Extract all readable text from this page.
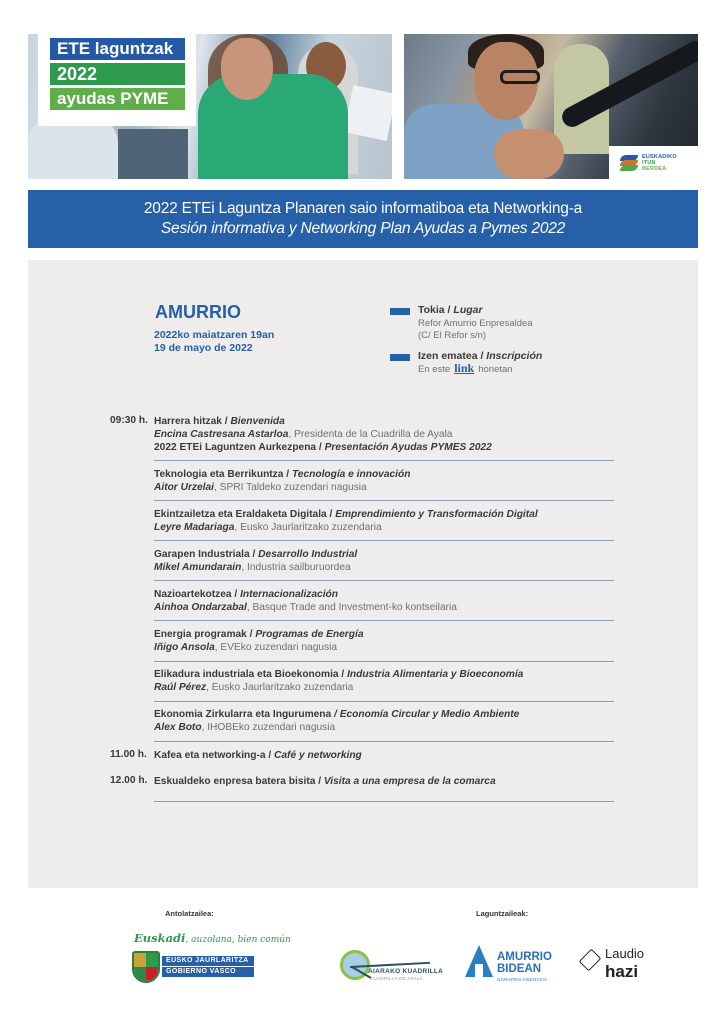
ETE laguntzak
2022
ayudas PYME
EUSKADIKO
ITUN
BERDEA
2022 ETEi Laguntza Planaren saio informatiboa eta Networking-a
Sesión informativa y Networking Plan Ayudas a Pymes 2022
AMURRIO
2022ko maiatzaren 19an
19 de mayo de 2022
Tokia / Lugar
Refor Amurrio Enpresaldea
(C/ El Refor s/n)
Izen ematea / Inscripción
En este link honetan
09:30 h. Harrera hitzak / Bienvenida
Encina Castresana Astarloa, Presidenta de la Cuadrilla de Ayala
2022 ETEi Laguntzen Aurkezpena / Presentación Ayudas PYMES 2022
Teknologia eta Berrikuntza / Tecnología e innovación
Aitor Urzelai, SPRI Taldeko zuzendari nagusia
Ekintzailetza eta Eraldaketa Digitala / Emprendimiento y Transformación Digital
Leyre Madariaga, Eusko Jaurlaritzako zuzendaria
Garapen Industriala / Desarrollo Industrial
Mikel Amundarain, Industria sailburuordea
Nazioartekotzea / Internacionalización
Ainhoa Ondarzabal, Basque Trade and Investment-ko kontseilaria
Energia programak / Programas de Energía
Iñigo Ansola, EVEko zuzendari nagusia
Elikadura industriala eta Bioekonomia / Industria Alimentaria y Bioeconomía
Raúl Pérez, Eusko Jaurlaritzako zuzendaria
Ekonomia Zirkularra eta Ingurumena / Economía Circular y Medio Ambiente
Alex Boto, IHOBEko zuzendari nagusia
11.00 h. Kafea eta networking-a / Café y networking
12.00 h. Eskualdeko enpresa batera bisita / Visita a una empresa de la comarca
Antolatzailea:	Laguntzaileak:
Euskadi, auzolana, bien común
EUSKO JAURLARITZA
GOBIERNO VASCO	AIARAKO KUADRILLA
CUADRILLA DE AYALA
AMURRIO
BIDEAN
GARAPEN AGENTZIA
Laudio
hazi
